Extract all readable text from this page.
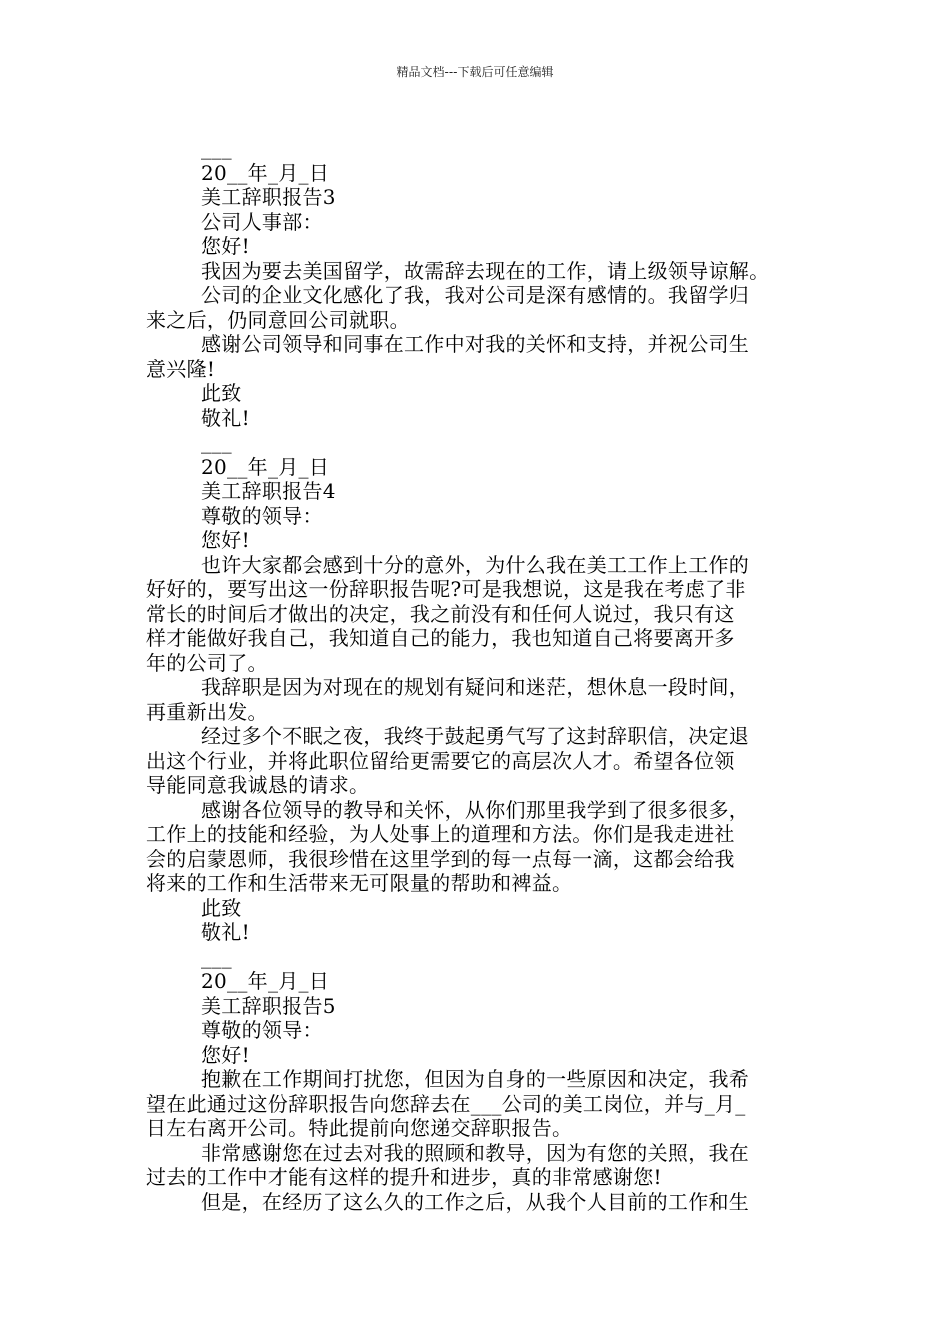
精品文档---下载后可任意编辑
___
20__年_月_日
美工辞职报告3
公司人事部：
您好!
我因为要去美国留学，故需辞去现在的工作，请上级领导谅解。
公司的企业文化感化了我，我对公司是深有感情的。我留学归
来之后，仍同意回公司就职。
感谢公司领导和同事在工作中对我的关怀和支持，并祝公司生
意兴隆!
此致
敬礼!
___
20__年_月_日
美工辞职报告4
尊敬的领导：
您好!
也许大家都会感到十分的意外，为什么我在美工工作上工作的
好好的，要写出这一份辞职报告呢?可是我想说，这是我在考虑了非
常长的时间后才做出的决定，我之前没有和任何人说过，我只有这
样才能做好我自己，我知道自己的能力，我也知道自己将要离开多
年的公司了。
我辞职是因为对现在的规划有疑问和迷茫，想休息一段时间，
再重新出发。
经过多个不眠之夜，我终于鼓起勇气写了这封辞职信，决定退
出这个行业，并将此职位留给更需要它的高层次人才。希望各位领
导能同意我诚恳的请求。
感谢各位领导的教导和关怀，从你们那里我学到了很多很多，
工作上的技能和经验，为人处事上的道理和方法。你们是我走进社
会的启蒙恩师，我很珍惜在这里学到的每一点每一滴，这都会给我
将来的工作和生活带来无可限量的帮助和裨益。
此致
敬礼!
___
20__年_月_日
美工辞职报告5
尊敬的领导：
您好!
抱歉在工作期间打扰您，但因为自身的一些原因和决定，我希
望在此通过这份辞职报告向您辞去在___公司的美工岗位，并与_月_
日左右离开公司。特此提前向您递交辞职报告。
非常感谢您在过去对我的照顾和教导，因为有您的关照，我在
过去的工作中才能有这样的提升和进步，真的非常感谢您!
但是，在经历了这么久的工作之后，从我个人目前的工作和生
